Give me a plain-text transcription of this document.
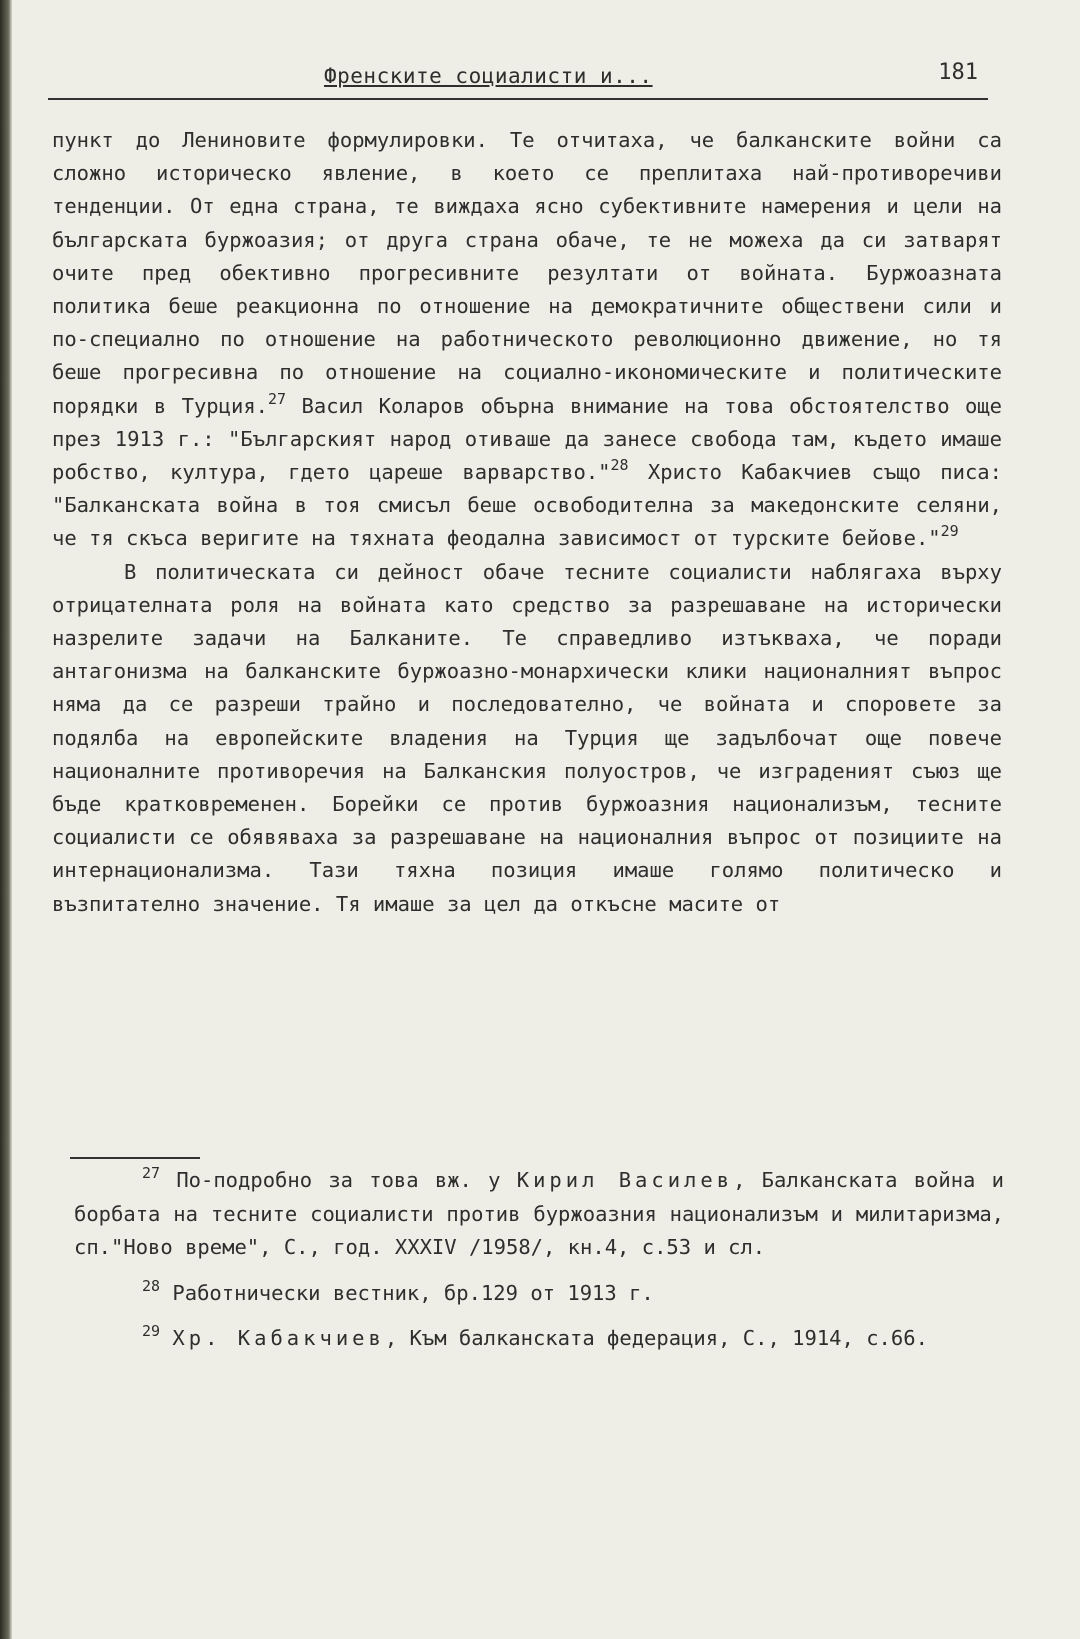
Френските социалисти и...	181

пункт до Лениновите формулировки. Те отчитаха, че балканските войни са сложно историческо явление, в което се преплитаха най-противоречиви тенденции. От една страна, те виждаха ясно субективните намерения и цели на българската буржоазия; от друга страна обаче, те не можеха да си затварят очите пред обективно прогресивните резултати от войната. Буржоазната политика беше реакционна по отношение на демократичните обществени сили и по-специално по отношение на работническото революционно движение, но тя беше прогресивна по отношение на социално-икономическите и политическите порядки в Турция.$^{27}$ Васил Коларов обърна внимание на това обстоятелство още през 1913 г.: "Българският народ отиваше да занесе свобода там, където имаше робство, култура, гдето цареше варварство."$^{28}$ Христо Кабакчиев също писа: "Балканската война в тоя смисъл беше освободителна за македонските селяни, че тя скъса веригите на тяхната феодална зависимост от турските бейове."$^{29}$

В политическата си дейност обаче тесните социалисти наблягаха върху отрицателната роля на войната като средство за разрешаване на исторически назрелите задачи на Балканите. Те справедливо изтъкваха, че поради антагонизма на балканските буржоазно-монархически клики националният въпрос няма да се разреши трайно и последователно, че войната и споровете за подялба на европейските владения на Турция ще задълбочат още повече националните противоречия на Балканския полуостров, че изграденият съюз ще бъде кратковременен. Борейки се против буржоазния национализъм, тесните социалисти се обявяваха за разрешаване на националния въпрос от позициите на интернационализма. Тази тяхна позиция имаше голямо политическо и възпитателно значение. Тя имаше за цел да откъсне масите от

$^{27}$ По-подробно за това вж. у Кирил Василев, Балканската война и борбата на тесните социалисти против буржоазния национализъм и милитаризма, сп."Ново време", С., год. XXXIV /1958/, кн.4, с.53 и сл.

$^{28}$ Работнически вестник, бр.129 от 1913 г.

$^{29}$ Хр. Кабакчиев, Към балканската федерация, С., 1914, с.66.
